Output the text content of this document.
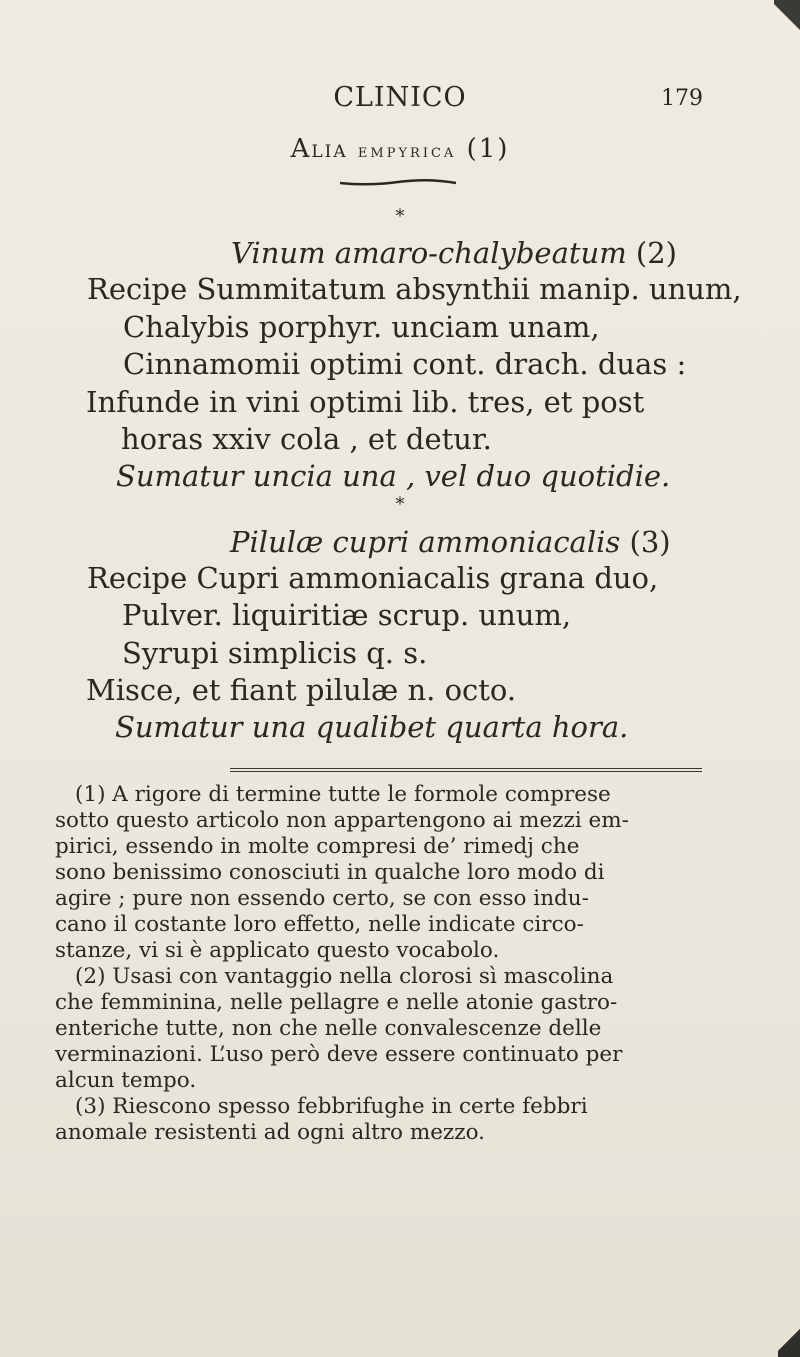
CLINICO	179
Alia empyrica (1)
*
Vinum amaro-chalybeatum (2)
Recipe Summitatum absynthii manip. unum,
Chalybis porphyr. unciam unam,
Cinnamomii optimi cont. drach. duas :
Infunde in vini optimi lib. tres, et post
horas xxiv cola , et detur.
Sumatur uncia una , vel duo quotidie.
*
Pilulæ cupri ammoniacalis (3)
Recipe Cupri ammoniacalis grana duo,
Pulver. liquiritiæ scrup. unum,
Syrupi simplicis q. s.
Misce, et fiant pilulæ n. octo.
Sumatur una qualibet quarta hora.
(1) A rigore di termine tutte le formole comprese
sotto questo articolo non appartengono ai mezzi em-
pirici, essendo in molte compresi de’ rimedj che
sono benissimo conosciuti in qualche loro modo di
agire ; pure non essendo certo, se con esso indu-
cano il costante loro effetto, nelle indicate circo-
stanze, vi si è applicato questo vocabolo.
(2) Usasi con vantaggio nella clorosi sì mascolina
che femminina, nelle pellagre e nelle atonie gastro-
enteriche tutte, non che nelle convalescenze delle
verminazioni. L’uso però deve essere continuato per
alcun tempo.
(3) Riescono spesso febbrifughe in certe febbri
anomale resistenti ad ogni altro mezzo.
